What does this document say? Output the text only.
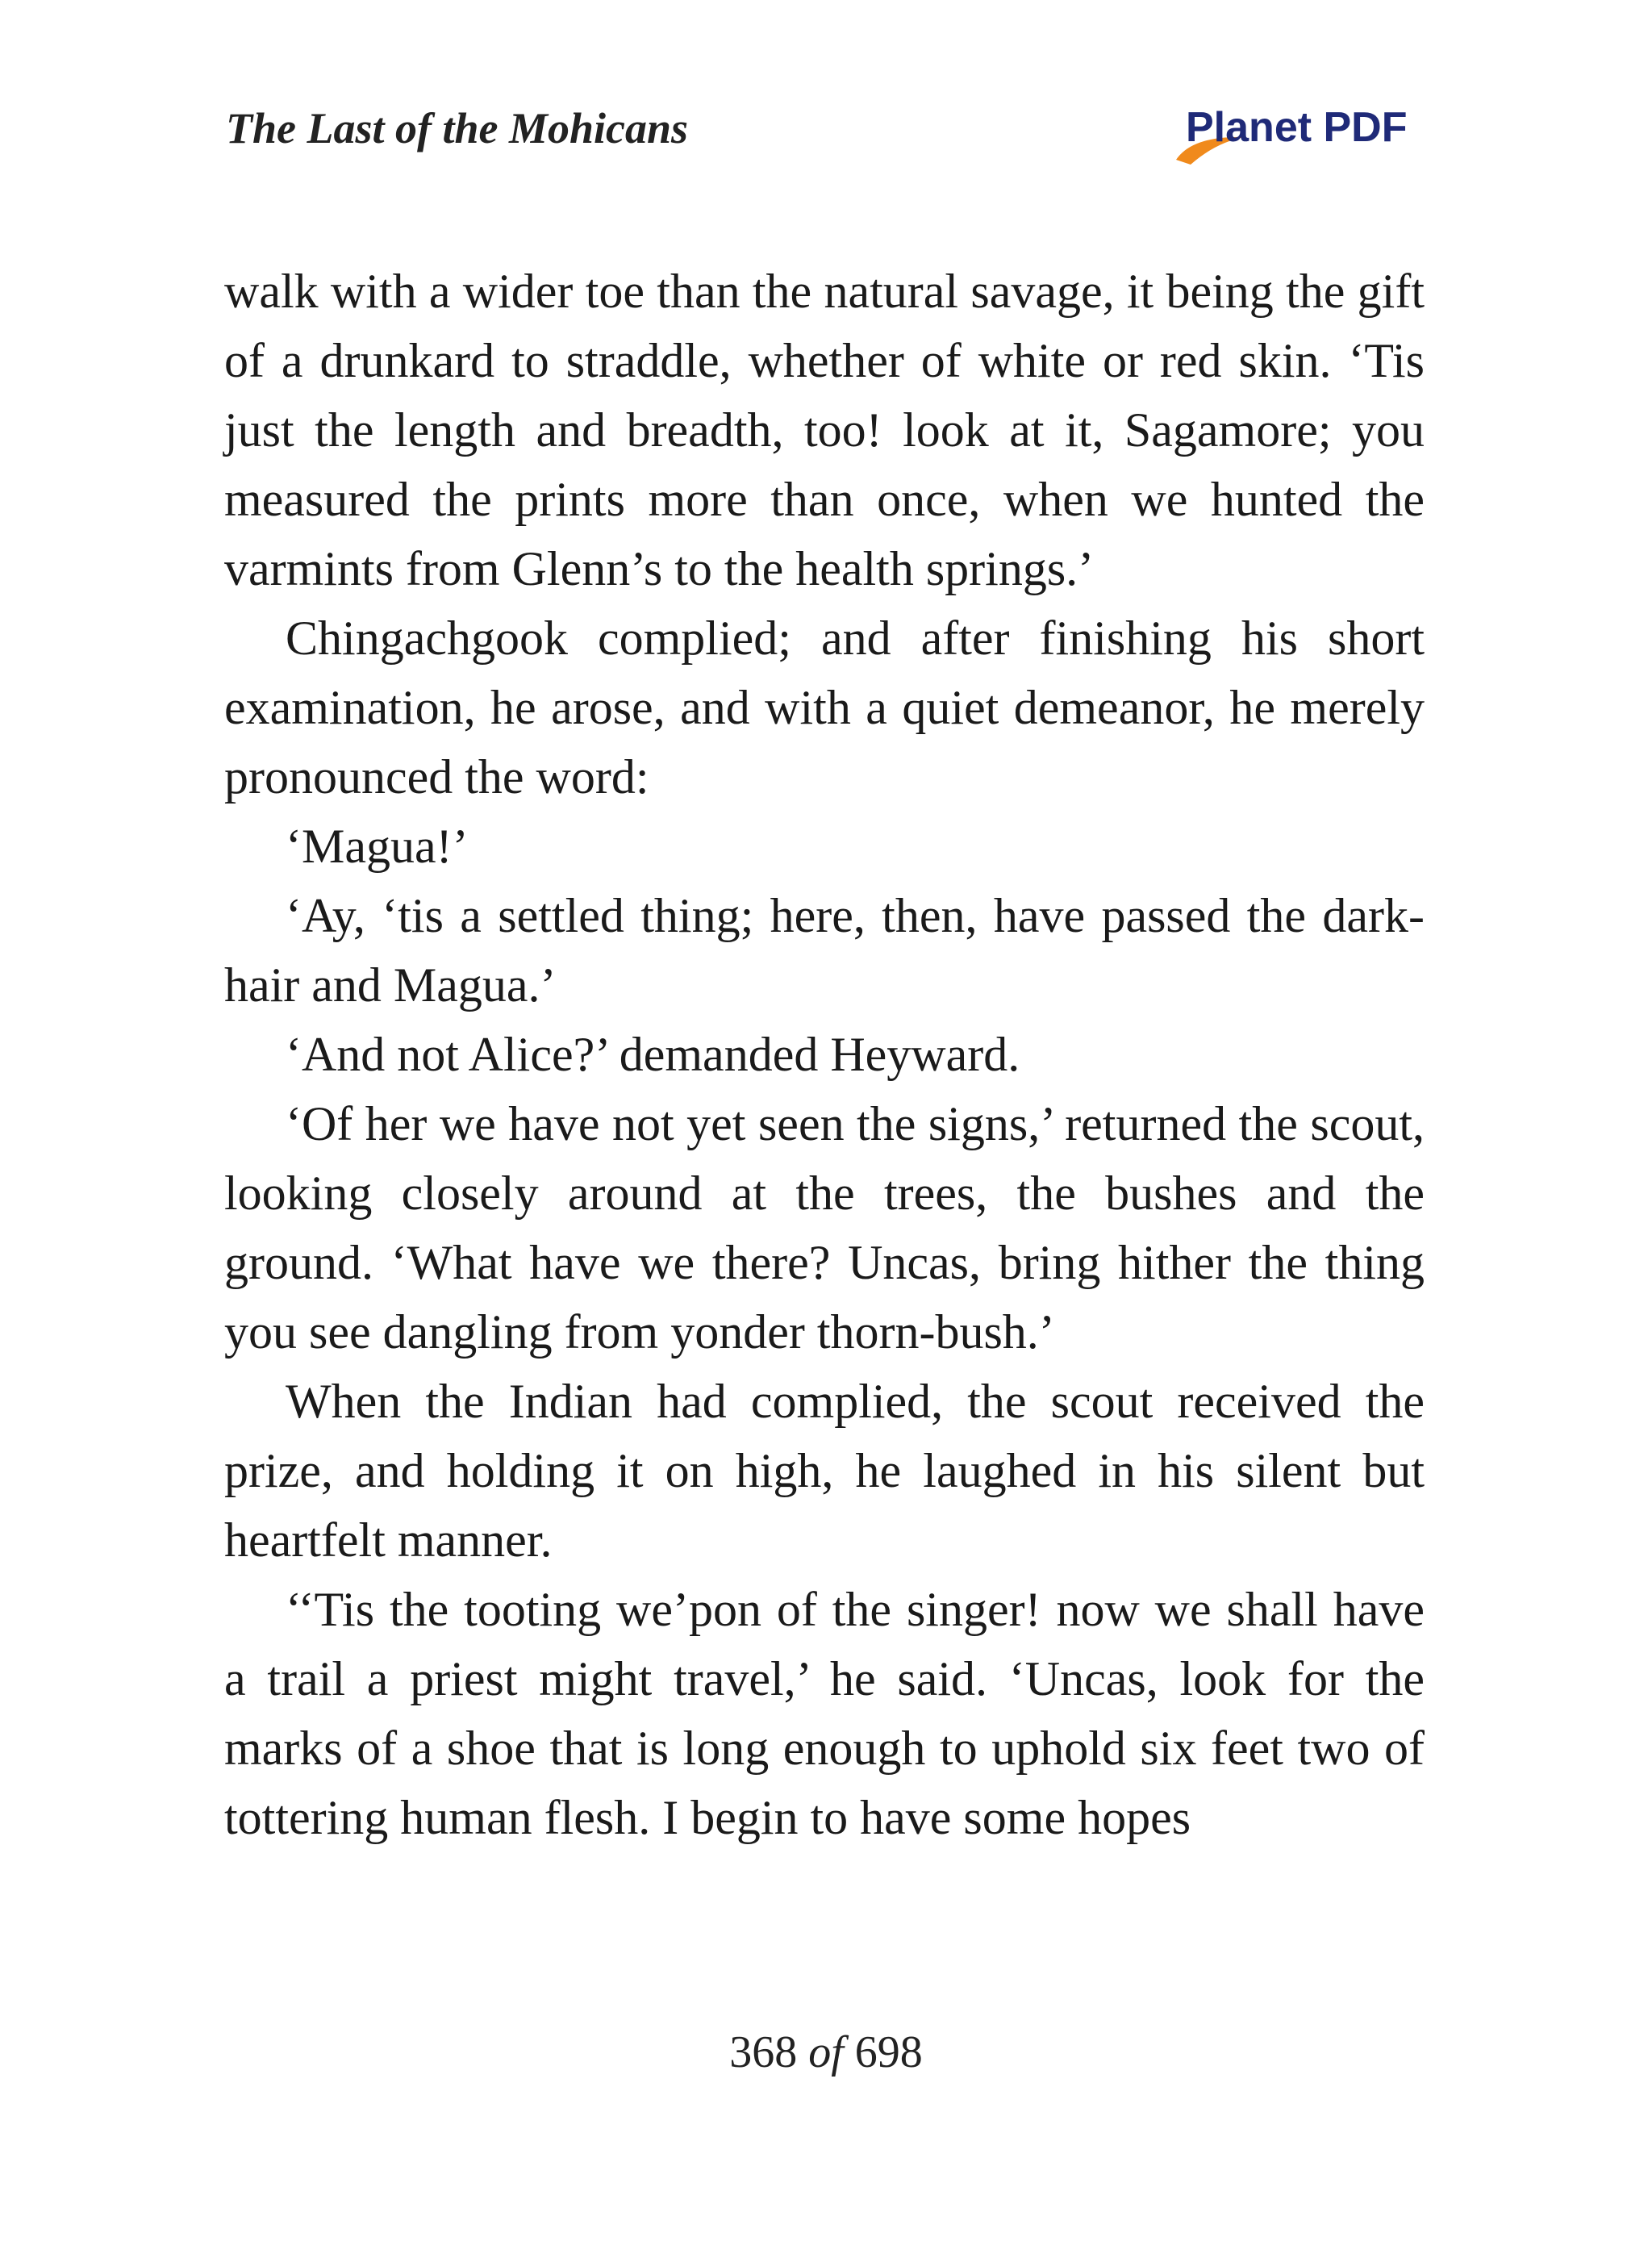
The Last of the Mohicans	Planet PDF

walk with a wider toe than the natural savage, it being the gift of a drunkard to straddle, whether of white or red skin. ‘Tis just the length and breadth, too! look at it, Sagamore; you measured the prints more than once, when we hunted the varmints from Glenn’s to the health springs.’

Chingachgook complied; and after finishing his short examination, he arose, and with a quiet demeanor, he merely pronounced the word:

‘Magua!’

‘Ay, ‘tis a settled thing; here, then, have passed the dark-hair and Magua.’

‘And not Alice?’ demanded Heyward.

‘Of her we have not yet seen the signs,’ returned the scout, looking closely around at the trees, the bushes and the ground. ‘What have we there? Uncas, bring hither the thing you see dangling from yonder thorn-bush.’

When the Indian had complied, the scout received the prize, and holding it on high, he laughed in his silent but heartfelt manner.

‘‘Tis the tooting we’pon of the singer! now we shall have a trail a priest might travel,’ he said. ‘Uncas, look for the marks of a shoe that is long enough to uphold six feet two of tottering human flesh. I begin to have some hopes

368 of 698
